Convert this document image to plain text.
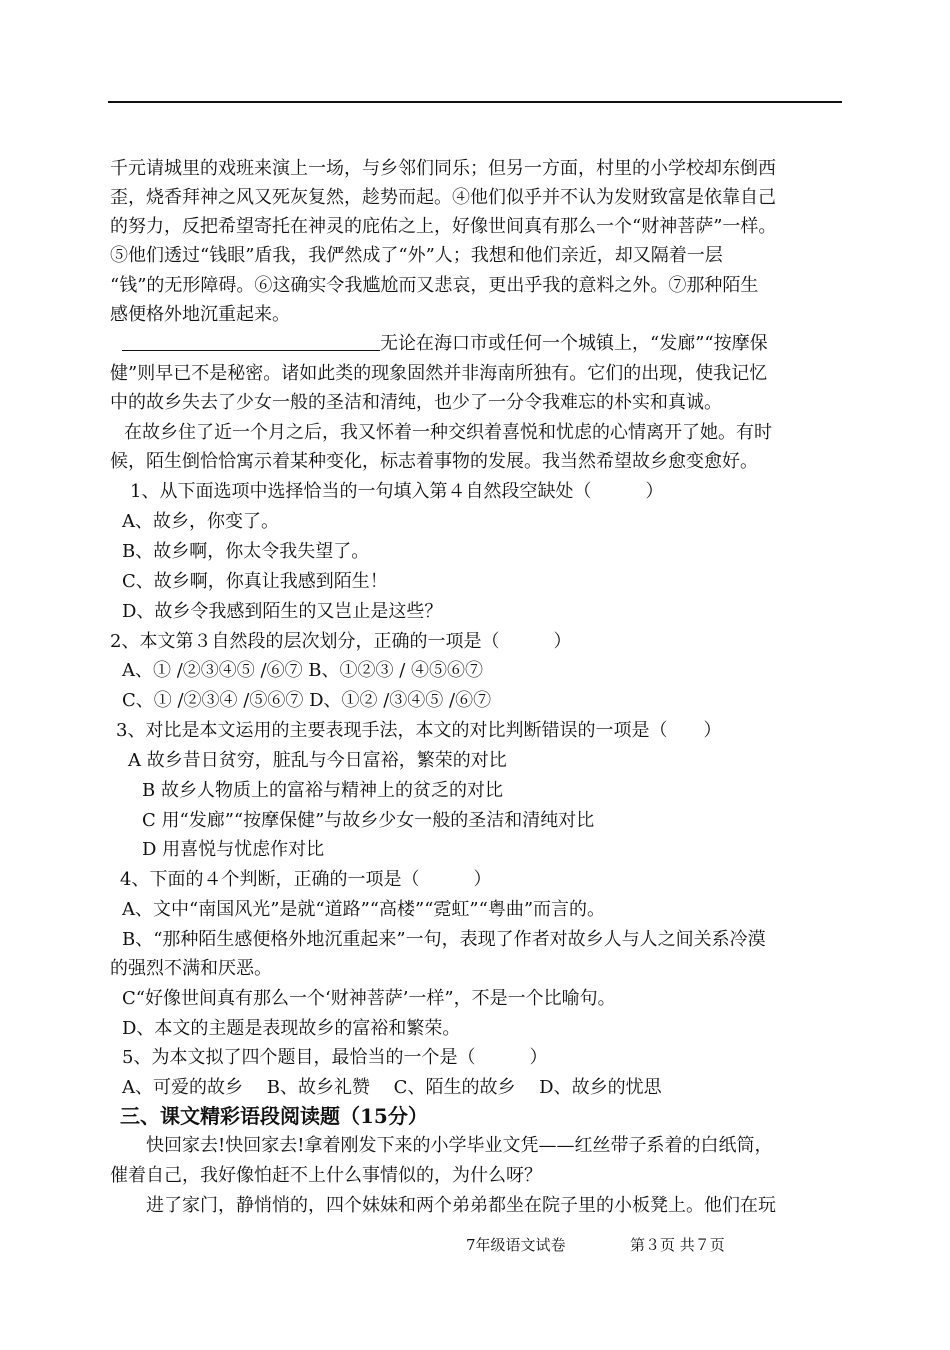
千元请城里的戏班来演上一场，与乡邻们同乐；但另一方面，村里的小学校却东倒西
歪，烧香拜神之风又死灰复然，趁势而起。④他们似乎并不认为发财致富是依靠自己
的努力，反把希望寄托在神灵的庇佑之上，好像世间真有那么一个“财神菩萨”一样。
⑤他们透过“钱眼”盾我，我俨然成了“外”人；我想和他们亲近，却又隔着一层
“钱”的无形障碍。⑥这确实令我尴尬而又悲哀，更出乎我的意料之外。⑦那种陌生
感便格外地沉重起来。
无论在海口市或任何一个城镇上，“发廊”“按摩保
健”则早已不是秘密。诸如此类的现象固然并非海南所独有。它们的出现，使我记忆
中的故乡失去了少女一般的圣洁和清纯，也少了一分令我难忘的朴实和真诚。
在故乡住了近一个月之后，我又怀着一种交织着喜悦和忧虑的心情离开了她。有时
候，陌生倒恰恰寓示着某种变化，标志着事物的发展。我当然希望故乡愈变愈好。
1、从下面选项中选择恰当的一句填入第４自然段空缺处（　　　）
A、故乡，你变了。
B、故乡啊，你太令我失望了。
C、故乡啊，你真让我感到陌生！
D、故乡令我感到陌生的又岂止是这些？
2、本文第３自然段的层次划分，正确的一项是（　　　）
A、① /②③④⑤ /⑥⑦ B、①②③ / ④⑤⑥⑦
C、① /②③④ /⑤⑥⑦ D、①② /③④⑤ /⑥⑦
3、对比是本文运用的主要表现手法，本文的对比判断错误的一项是（　　）
A 故乡昔日贫穷，脏乱与今日富裕，繁荣的对比
B 故乡人物质上的富裕与精神上的贫乏的对比
C 用“发廊”“按摩保健”与故乡少女一般的圣洁和清纯对比
D 用喜悦与忧虑作对比
4、下面的４个判断，正确的一项是（　　　）
A、文中“南国风光”是就“道路”“高楼”“霓虹”“粤曲”而言的。
B、“那种陌生感便格外地沉重起来”一句，表现了作者对故乡人与人之间关系冷漠
的强烈不满和厌恶。
C“好像世间真有那么一个‘财神菩萨’一样”，不是一个比喻句。
D、本文的主题是表现故乡的富裕和繁荣。
5、为本文拟了四个题目，最恰当的一个是（　　　）
A、可爱的故乡　 B、故乡礼赞　 C、陌生的故乡　 D、故乡的忧思
三、课文精彩语段阅读题（15分）
快回家去!快回家去!拿着刚发下来的小学毕业文凭——红丝带子系着的白纸筒，
催着自己，我好像怕赶不上什么事情似的，为什么呀？
进了家门，静悄悄的，四个妹妹和两个弟弟都坐在院子里的小板凳上。他们在玩
7年级语文试卷	第３页 共７页
